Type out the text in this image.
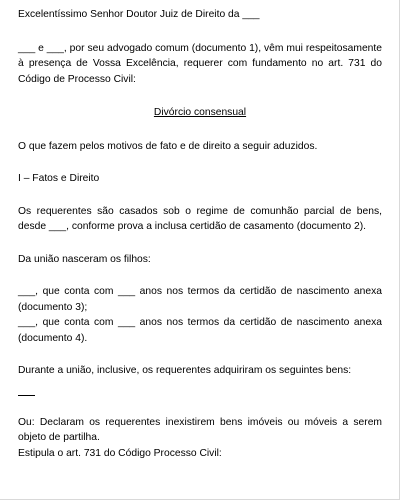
Excelentíssimo Senhor Doutor Juiz de Direito da ___

___ e ___, por seu advogado comum (documento 1), vêm mui respeitosamente à presença de Vossa Excelência, requerer com fundamento no art. 731 do Código de Processo Civil:

Divórcio consensual

O que fazem pelos motivos de fato e de direito a seguir aduzidos.

I – Fatos e Direito

Os requerentes são casados sob o regime de comunhão parcial de bens, desde ___, conforme prova a inclusa certidão de casamento (documento 2).

Da união nasceram os filhos:

___, que conta com ___ anos nos termos da certidão de nascimento anexa (documento 3);

___, que conta com ___ anos nos termos da certidão de nascimento anexa (documento 4).

Durante a união, inclusive, os requerentes adquiriram os seguintes bens:

Ou: Declaram os requerentes inexistirem bens imóveis ou móveis a serem objeto de partilha.

Estipula o art. 731 do Código Processo Civil:
